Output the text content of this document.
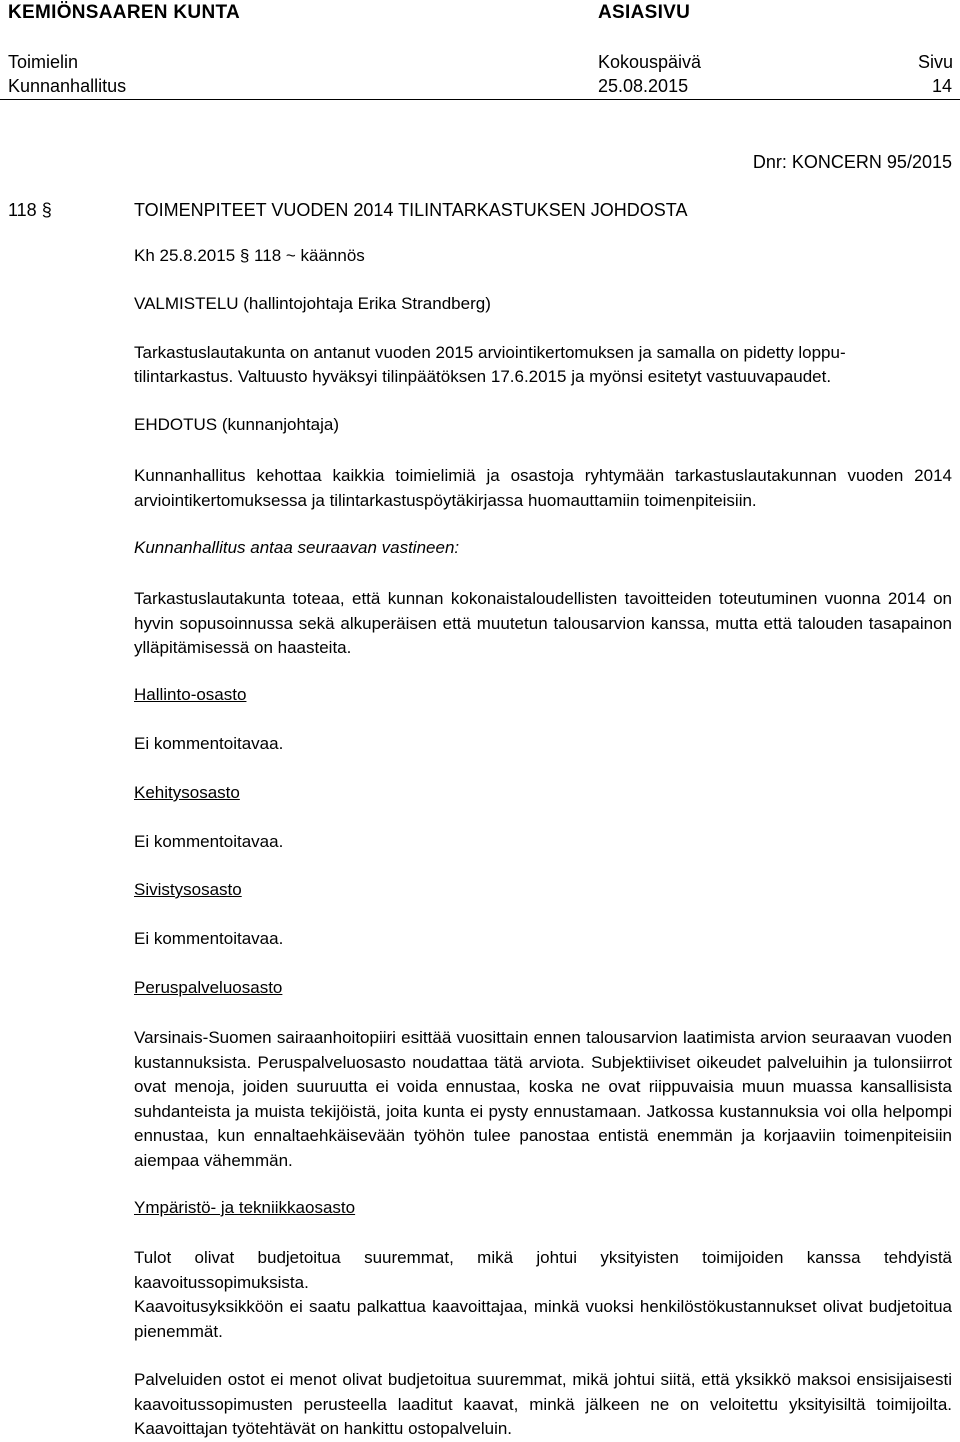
KEMIÖNSAAREN KUNTA	ASIASIVU
Toimielin
Kunnanhallitus
Kokouspäivä
25.08.2015
Sivu
14
Dnr: KONCERN 95/2015
118 §	TOIMENPITEET VUODEN 2014 TILINTARKASTUKSEN JOHDOSTA
Kh 25.8.2015 § 118 ~ käännös
VALMISTELU (hallintojohtaja Erika Strandberg)
Tarkastuslautakunta on antanut vuoden 2015 arviointikertomuksen ja samalla on pidetty loppu-
tilintarkastus. Valtuusto hyväksyi tilinpäätöksen 17.6.2015 ja myönsi esitetyt vastuuvapaudet.
EHDOTUS (kunnanjohtaja)

Kunnanhallitus kehottaa kaikkia toimielimiä ja osastoja ryhtymään tarkastuslautakunnan vuoden 2014 arviointikertomuksessa ja tilintarkastuspöytäkirjassa huomauttamiin toimenpiteisiin.

Kunnanhallitus antaa seuraavan vastineen:

Tarkastuslautakunta toteaa, että kunnan kokonaistaloudellisten tavoitteiden toteutuminen vuonna 2014 on hyvin sopusoinnussa sekä alkuperäisen että muutetun talousarvion kanssa, mutta että talouden tasapainon ylläpitämisessä on haasteita.

Hallinto-osasto
Ei kommentoitavaa.
Kehitysosasto
Ei kommentoitavaa.
Sivistysosasto
Ei kommentoitavaa.
Peruspalveluosasto

Varsinais-Suomen sairaanhoitopiiri esittää vuosittain ennen talousarvion laatimista arvion seuraavan vuoden kustannuksista. Peruspalveluosasto noudattaa tätä arviota. Subjektiiviset oikeudet palveluihin ja tulonsiirrot ovat menoja, joiden suuruutta ei voida ennustaa, koska ne ovat riippuvaisia muun muassa kansallisista suhdanteista ja muista tekijöistä, joita kunta ei pysty ennustamaan. Jatkossa kustannuksia voi olla helpompi ennustaa, kun ennaltaehkäisevään työhön tulee panostaa entistä enemmän ja korjaaviin toimenpiteisiin aiempaa vähemmän.

Ympäristö- ja tekniikkaosasto

Tulot olivat budjetoitua suuremmat, mikä johtui yksityisten toimijoiden kanssa tehdyistä kaavoitussopimuksista.

Kaavoitusyksikköön ei saatu palkattua kaavoittajaa, minkä vuoksi henkilöstökustannukset olivat budjetoitua pienemmät.

Palveluiden ostot ei menot olivat budjetoitua suuremmat, mikä johtui siitä, että yksikkö maksoi ensisijaisesti kaavoitussopimusten perusteella laaditut kaavat, minkä jälkeen ne on veloitettu yksityisiltä toimijoilta. Kaavoittajan työtehtävät on hankittu ostopalveluin.
